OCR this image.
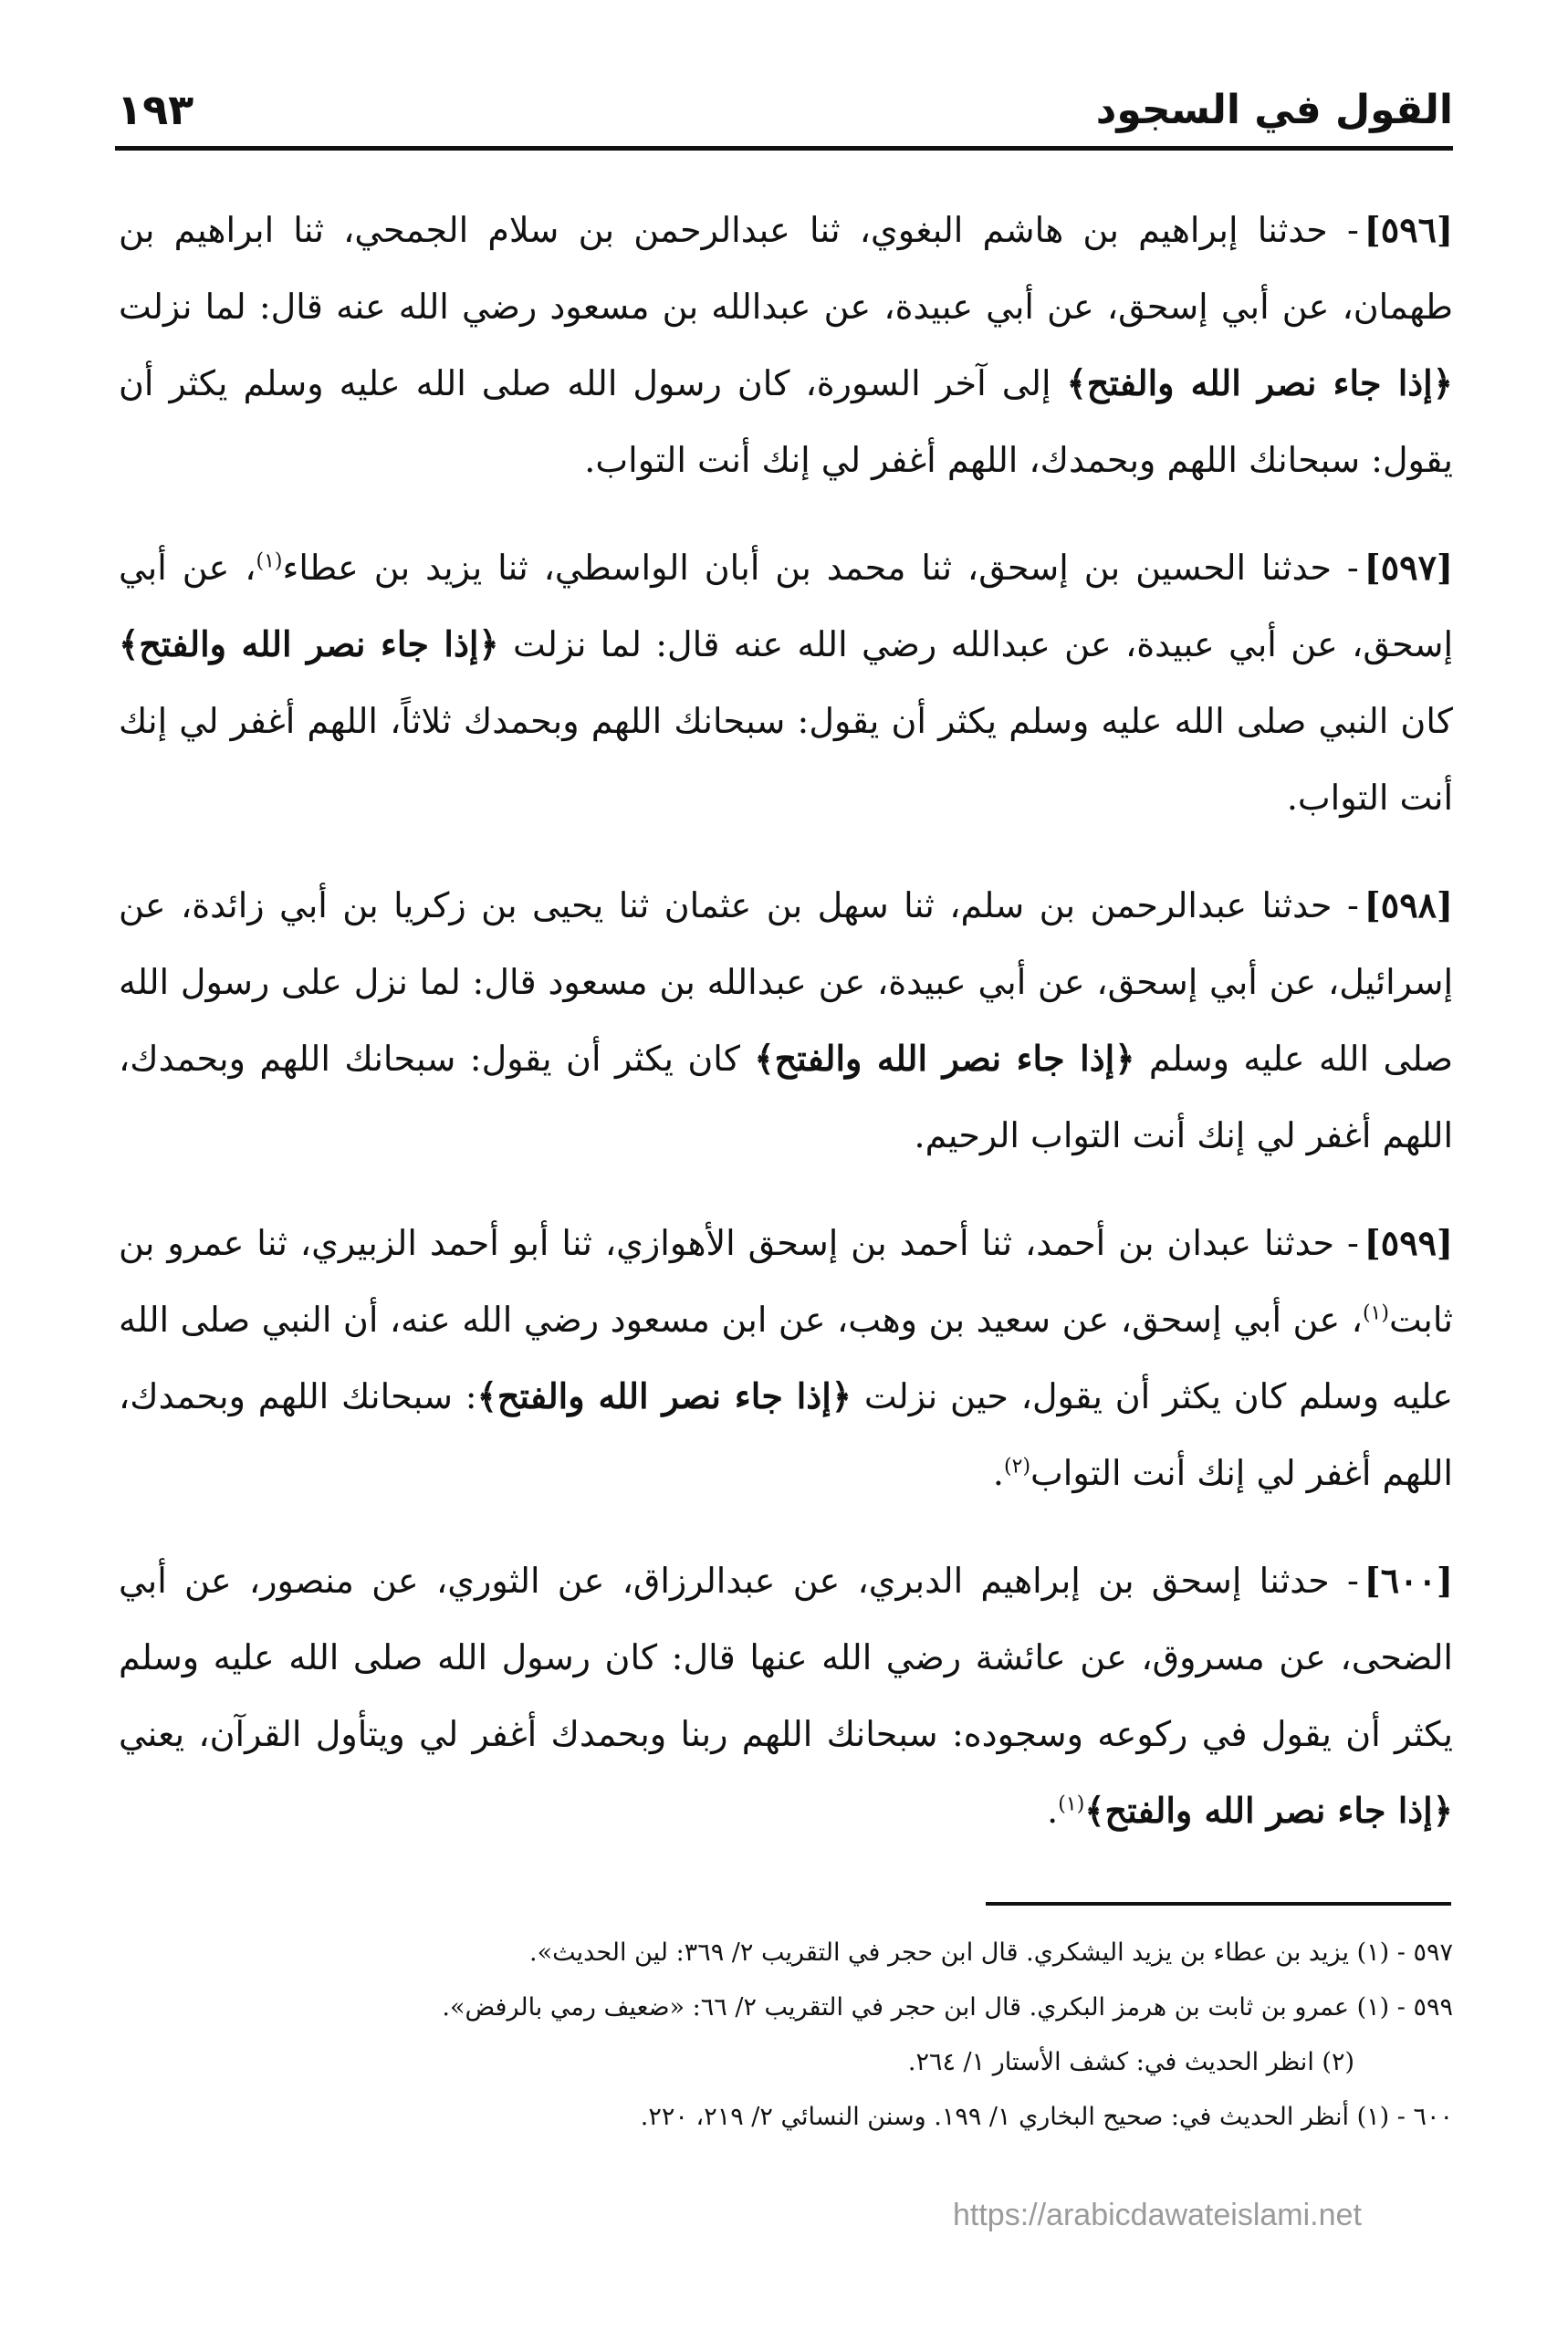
القول في السجود
١٩٣

[٥٩٦]- حدثنا إبراهيم بن هاشم البغوي، ثنا عبدالرحمن بن سلام الجمحي، ثنا ابراهيم بن طهمان، عن أبي إسحق، عن أبي عبيدة، عن عبدالله بن مسعود رضي الله عنه قال: لما نزلت ﴿إذا جاء نصر الله والفتح﴾ إلى آخر السورة، كان رسول الله صلى الله عليه وسلم يكثر أن يقول: سبحانك اللهم وبحمدك، اللهم أغفر لي إنك أنت التواب.

[٥٩٧]- حدثنا الحسين بن إسحق، ثنا محمد بن أبان الواسطي، ثنا يزيد بن عطاء$^{(١)}$، عن أبي إسحق، عن أبي عبيدة، عن عبدالله رضي الله عنه قال: لما نزلت ﴿إذا جاء نصر الله والفتح﴾ كان النبي صلى الله عليه وسلم يكثر أن يقول: سبحانك اللهم وبحمدك ثلاثاً، اللهم أغفر لي إنك أنت التواب.

[٥٩٨]- حدثنا عبدالرحمن بن سلم، ثنا سهل بن عثمان ثنا يحيى بن زكريا بن أبي زائدة، عن إسرائيل، عن أبي إسحق، عن أبي عبيدة، عن عبدالله بن مسعود قال: لما نزل على رسول الله صلى الله عليه وسلم ﴿إذا جاء نصر الله والفتح﴾ كان يكثر أن يقول: سبحانك اللهم وبحمدك، اللهم أغفر لي إنك أنت التواب الرحيم.

[٥٩٩]- حدثنا عبدان بن أحمد، ثنا أحمد بن إسحق الأهوازي، ثنا أبو أحمد الزبيري، ثنا عمرو بن ثابت$^{(١)}$، عن أبي إسحق، عن سعيد بن وهب، عن ابن مسعود رضي الله عنه، أن النبي صلى الله عليه وسلم كان يكثر أن يقول، حين نزلت ﴿إذا جاء نصر الله والفتح﴾: سبحانك اللهم وبحمدك، اللهم أغفر لي إنك أنت التواب$^{(٢)}$.

[٦٠٠]- حدثنا إسحق بن إبراهيم الدبري، عن عبدالرزاق، عن الثوري، عن منصور، عن أبي الضحى، عن مسروق، عن عائشة رضي الله عنها قال: كان رسول الله صلى الله عليه وسلم يكثر أن يقول في ركوعه وسجوده: سبحانك اللهم ربنا وبحمدك أغفر لي ويتأول القرآن، يعني ﴿إذا جاء نصر الله والفتح﴾$^{(١)}$.

٥٩٧ - (١) يزيد بن عطاء بن يزيد اليشكري. قال ابن حجر في التقريب ٢/ ٣٦٩: لين الحديث».
٥٩٩ - (١) عمرو بن ثابت بن هرمز البكري. قال ابن حجر في التقريب ٢/ ٦٦: «ضعيف رمي بالرفض».
(٢) انظر الحديث في: كشف الأستار ١/ ٢٦٤.
٦٠٠ - (١) أنظر الحديث في: صحيح البخاري ١/ ١٩٩. وسنن النسائي ٢/ ٢١٩، ٢٢٠.
https://arabicdawateislami.net
